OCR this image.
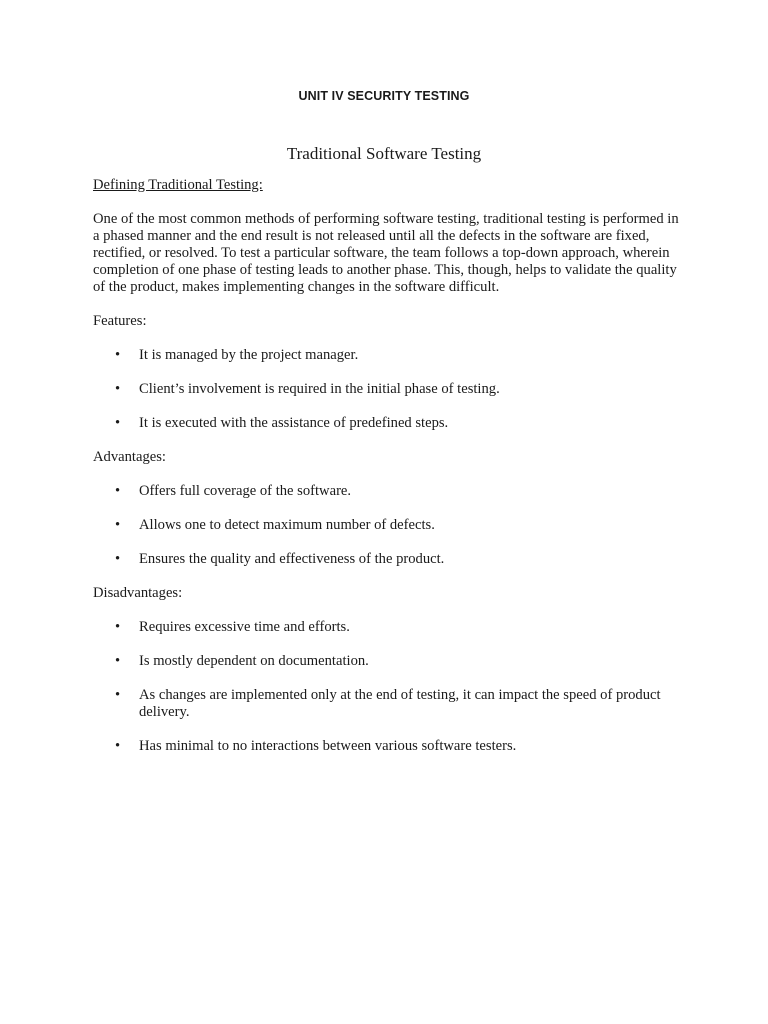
UNIT IV SECURITY TESTING
Traditional Software Testing

Defining Traditional Testing:

One of the most common methods of performing software testing, traditional testing is performed in a phased manner and the end result is not released until all the defects in the software are fixed, rectified, or resolved. To test a particular software, the team follows a top-down approach, wherein completion of one phase of testing leads to another phase. This, though, helps to validate the quality of the product, makes implementing changes in the software difficult.

Features:

• It is managed by the project manager.
• Client’s involvement is required in the initial phase of testing.
• It is executed with the assistance of predefined steps.

Advantages:

• Offers full coverage of the software.
• Allows one to detect maximum number of defects.
• Ensures the quality and effectiveness of the product.

Disadvantages:

• Requires excessive time and efforts.
• Is mostly dependent on documentation.
• As changes are implemented only at the end of testing, it can impact the speed of product delivery.
• Has minimal to no interactions between various software testers.
